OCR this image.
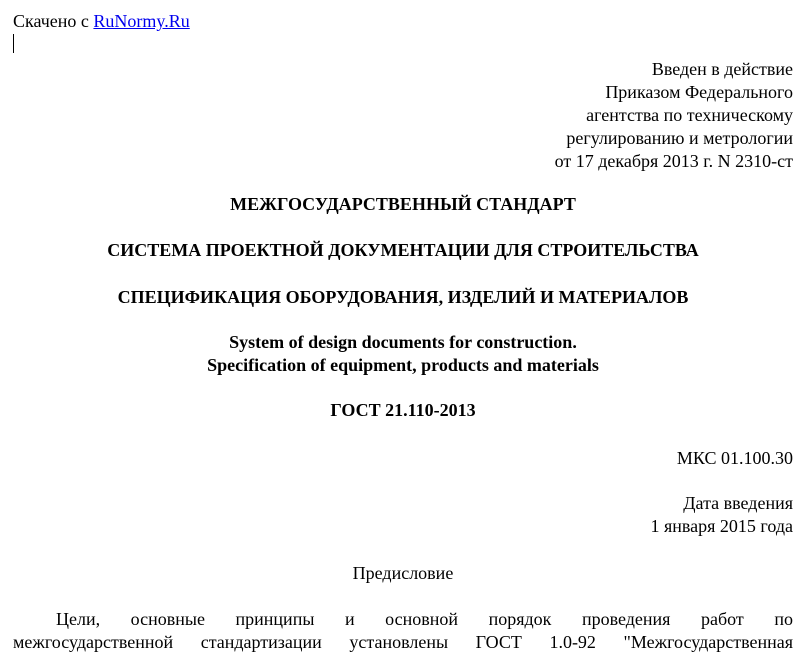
Скачено с RuNormy.Ru
Введен в действие
Приказом Федерального
агентства по техническому
регулированию и метрологии
от 17 декабря 2013 г. N 2310-ст
МЕЖГОСУДАРСТВЕННЫЙ СТАНДАРТ
СИСТЕМА ПРОЕКТНОЙ ДОКУМЕНТАЦИИ ДЛЯ СТРОИТЕЛЬСТВА
СПЕЦИФИКАЦИЯ ОБОРУДОВАНИЯ, ИЗДЕЛИЙ И МАТЕРИАЛОВ
System of design documents for construction.
Specification of equipment, products and materials
ГОСТ 21.110-2013
МКС 01.100.30
Дата введения
1 января 2015 года
Предисловие
Цели, основные принципы и основной порядок проведения работ по
межгосударственной стандартизации установлены ГОСТ 1.0-92 "Межгосударственная
